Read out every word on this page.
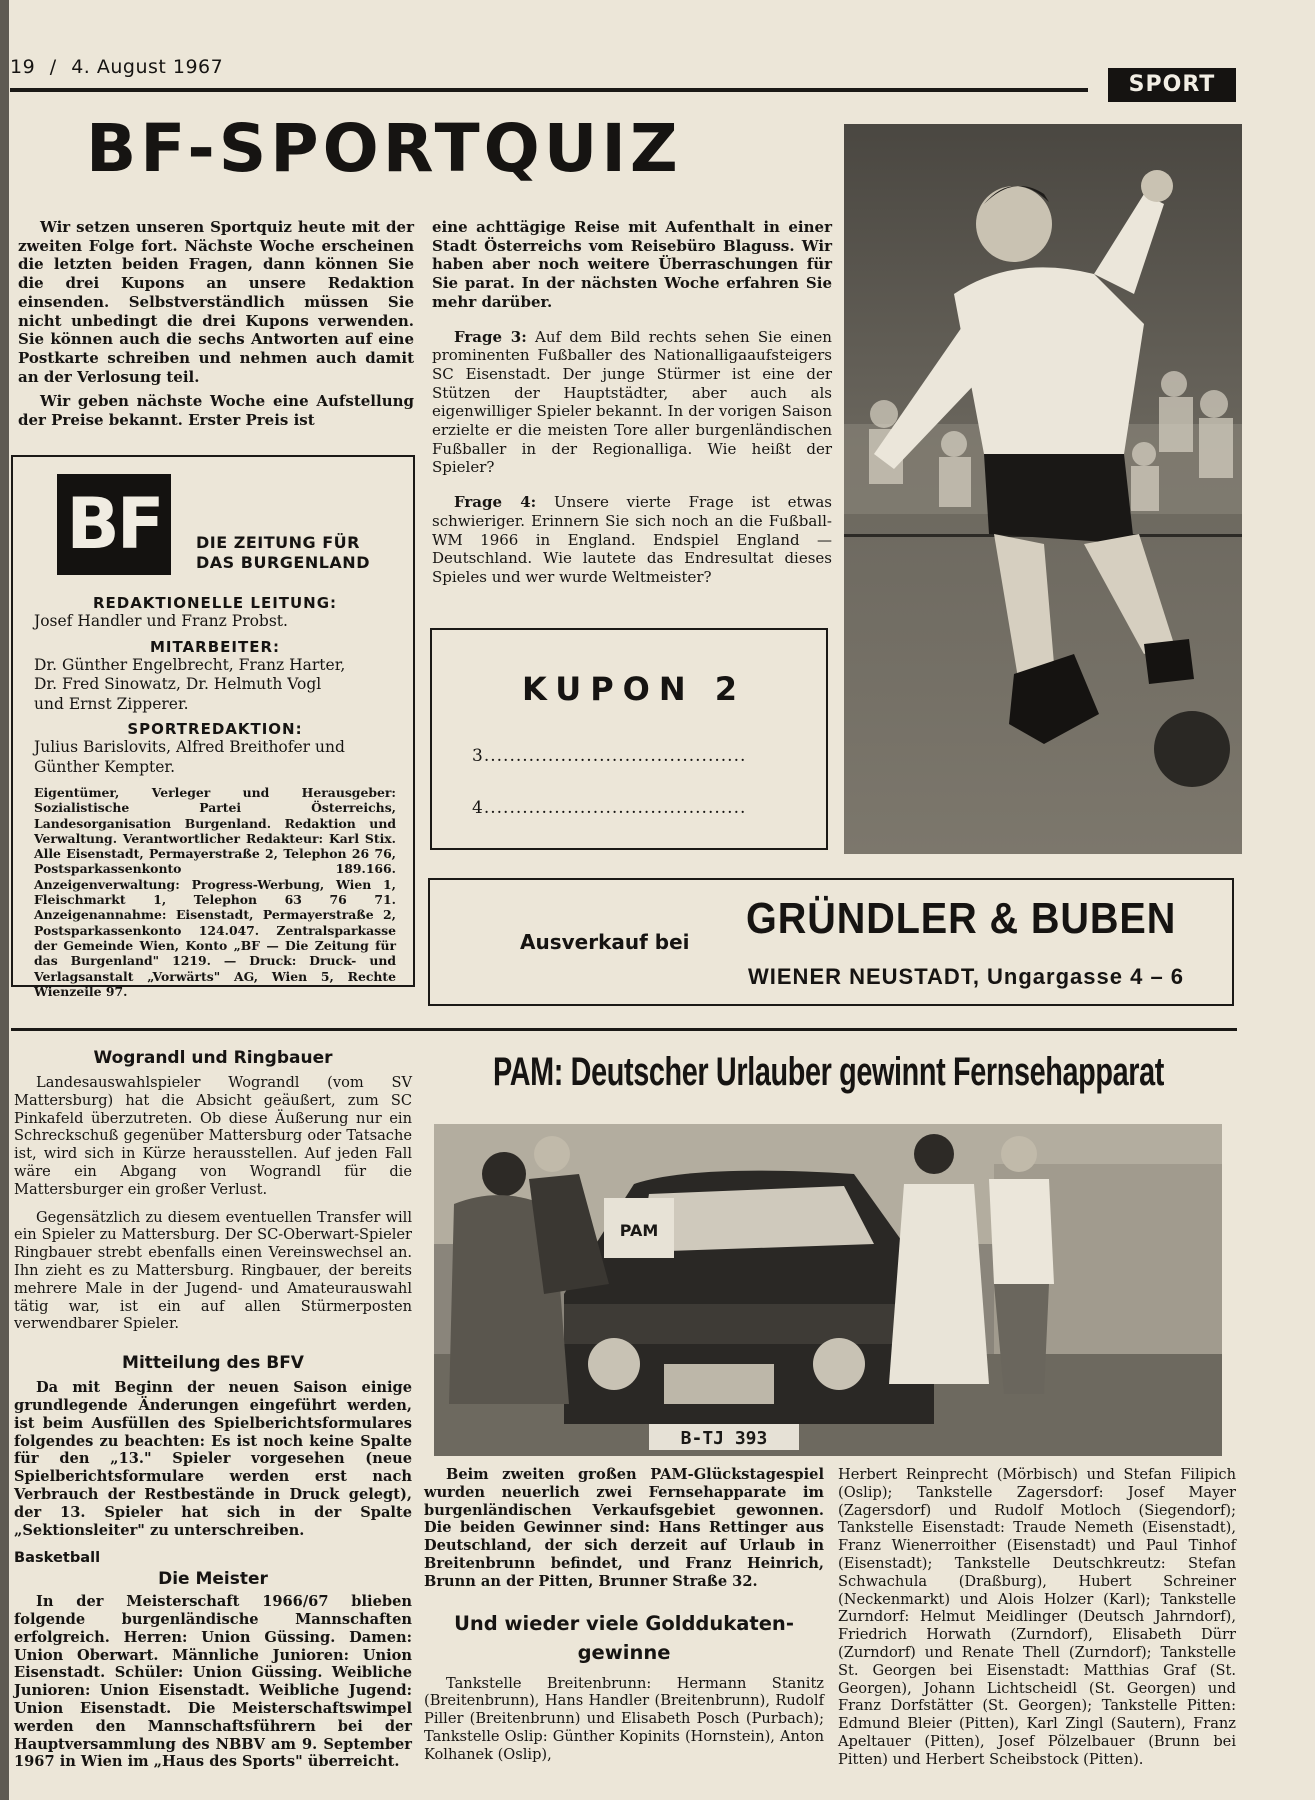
19 / 4. August 1967
SPORT
BF-SPORTQUIZ

Wir setzen unseren Sportquiz heute mit der zweiten Folge fort. Nächste Woche erscheinen die letzten beiden Fragen, dann können Sie die drei Kupons an unsere Redaktion einsenden. Selbstverständlich müssen Sie nicht unbedingt die drei Kupons verwenden. Sie können auch die sechs Antworten auf eine Postkarte schreiben und nehmen auch damit an der Verlosung teil.

Wir geben nächste Woche eine Aufstellung der Preise bekannt. Erster Preis ist

eine achttägige Reise mit Aufenthalt in einer Stadt Österreichs vom Reisebüro Blaguss. Wir haben aber noch weitere Überraschungen für Sie parat. In der nächsten Woche erfahren Sie mehr darüber.

Frage 3: Auf dem Bild rechts sehen Sie einen prominenten Fußballer des Nationalligaaufsteigers SC Eisenstadt. Der junge Stürmer ist eine der Stützen der Hauptstädter, aber auch als eigenwilliger Spieler bekannt. In der vorigen Saison erzielte er die meisten Tore aller burgenländischen Fußballer in der Regionalliga. Wie heißt der Spieler?

Frage 4: Unsere vierte Frage ist etwas schwieriger. Erinnern Sie sich noch an die Fußball-WM 1966 in England. Endspiel England — Deutschland. Wie lautete das Endresultat dieses Spieles und wer wurde Weltmeister?

BF	DIE ZEITUNG FÜR
DAS BURGENLAND
REDAKTIONELLE LEITUNG:
Josef Handler und Franz Probst.
MITARBEITER:
Dr. Günther Engelbrecht, Franz Harter,
Dr. Fred Sinowatz, Dr. Helmuth Vogl
und Ernst Zipperer.
SPORTREDAKTION:
Julius Barislovits, Alfred Breithofer und
Günther Kempter.

Eigentümer, Verleger und Herausgeber: Sozialistische Partei Österreichs, Landesorganisation Burgenland. Redaktion und Verwaltung. Verantwortlicher Redakteur: Karl Stix. Alle Eisenstadt, Permayerstraße 2, Telephon 26 76, Postsparkassenkonto 189.166. Anzeigenverwaltung: Progress-Werbung, Wien 1, Fleischmarkt 1, Telephon 63 76 71. Anzeigenannahme: Eisenstadt, Permayerstraße 2, Postsparkassenkonto 124.047. Zentralsparkasse der Gemeinde Wien, Konto „BF — Die Zeitung für das Burgenland" 1219. — Druck: Druck- und Verlagsanstalt „Vorwärts" AG, Wien 5, Rechte Wienzeile 97.

KUPON 2
3.........................................
4.........................................
Ausverkauf bei GRÜNDLER & BUBEN
WIENER NEUSTADT, Ungargasse 4 – 6
Wograndl und Ringbauer

Landesauswahlspieler Wograndl (vom SV Mattersburg) hat die Absicht geäußert, zum SC Pinkafeld überzutreten. Ob diese Äußerung nur ein Schreckschuß gegenüber Mattersburg oder Tatsache ist, wird sich in Kürze herausstellen. Auf jeden Fall wäre ein Abgang von Wograndl für die Mattersburger ein großer Verlust.

Gegensätzlich zu diesem eventuellen Transfer will ein Spieler zu Mattersburg. Der SC-Oberwart-Spieler Ringbauer strebt ebenfalls einen Vereinswechsel an. Ihn zieht es zu Mattersburg. Ringbauer, der bereits mehrere Male in der Jugend- und Amateurauswahl tätig war, ist ein auf allen Stürmerposten verwendbarer Spieler.

Mitteilung des BFV

Da mit Beginn der neuen Saison einige grundlegende Änderungen eingeführt werden, ist beim Ausfüllen des Spielberichtsformulares folgendes zu beachten: Es ist noch keine Spalte für den „13." Spieler vorgesehen (neue Spielberichtsformulare werden erst nach Verbrauch der Restbestände in Druck gelegt), der 13. Spieler hat sich in der Spalte „Sektionsleiter" zu unterschreiben.

Basketball
Die Meister

In der Meisterschaft 1966/67 blieben folgende burgenländische Mannschaften erfolgreich. Herren: Union Güssing. Damen: Union Oberwart. Männliche Junioren: Union Eisenstadt. Schüler: Union Güssing. Weibliche Junioren: Union Eisenstadt. Weibliche Jugend: Union Eisenstadt. Die Meisterschaftswimpel werden den Mannschaftsführern bei der Hauptversammlung des NBBV am 9. September 1967 in Wien im „Haus des Sports" überreicht.

PAM: Deutscher Urlauber gewinnt Fernsehapparat
PAM
B-TJ 393

Beim zweiten großen PAM-Glückstagespiel wurden neuerlich zwei Fernsehapparate im burgenländischen Verkaufsgebiet gewonnen. Die beiden Gewinner sind: Hans Rettinger aus Deutschland, der sich derzeit auf Urlaub in Breitenbrunn befindet, und Franz Heinrich, Brunn an der Pitten, Brunner Straße 32.

Und wieder viele Golddukaten-
gewinne

Tankstelle Breitenbrunn: Hermann Stanitz (Breitenbrunn), Hans Handler (Breitenbrunn), Rudolf Piller (Breitenbrunn) und Elisabeth Posch (Purbach); Tankstelle Oslip: Günther Kopinits (Hornstein), Anton Kolhanek (Oslip),

Herbert Reinprecht (Mörbisch) und Stefan Filipich (Oslip); Tankstelle Zagersdorf: Josef Mayer (Zagersdorf) und Rudolf Motloch (Siegendorf); Tankstelle Eisenstadt: Traude Nemeth (Eisenstadt), Franz Wienerroither (Eisenstadt) und Paul Tinhof (Eisenstadt); Tankstelle Deutschkreutz: Stefan Schwachula (Draßburg), Hubert Schreiner (Neckenmarkt) und Alois Holzer (Karl); Tankstelle Zurndorf: Helmut Meidlinger (Deutsch Jahrndorf), Friedrich Horwath (Zurndorf), Elisabeth Dürr (Zurndorf) und Renate Thell (Zurndorf); Tankstelle St. Georgen bei Eisenstadt: Matthias Graf (St. Georgen), Johann Lichtscheidl (St. Georgen) und Franz Dorfstätter (St. Georgen); Tankstelle Pitten: Edmund Bleier (Pitten), Karl Zingl (Sautern), Franz Apeltauer (Pitten), Josef Pölzelbauer (Brunn bei Pitten) und Herbert Scheibstock (Pitten).
